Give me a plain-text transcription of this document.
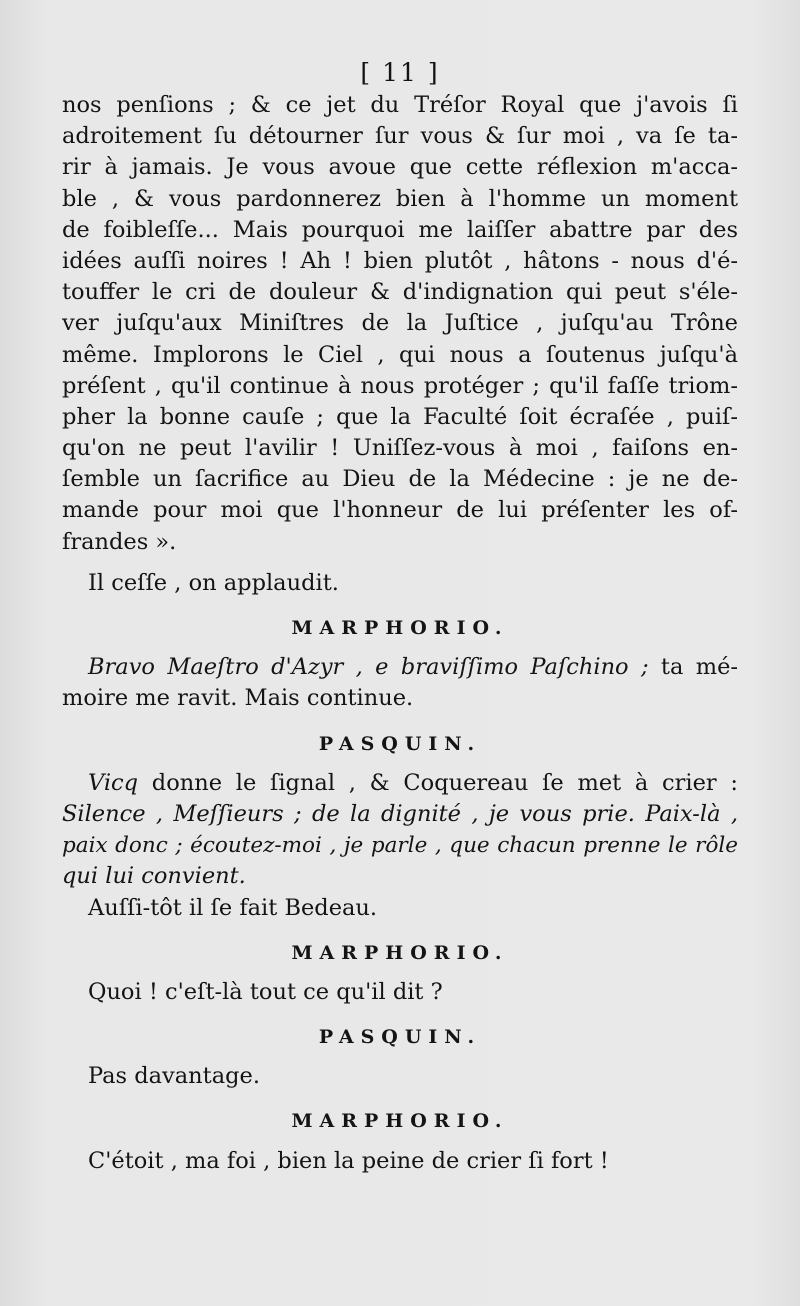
[ 11 ]
nos penſions ; & ce jet du Tréſor Royal que j'avois ſi
adroitement ſu détourner ſur vous & ſur moi , va ſe ta-
rir à jamais. Je vous avoue que cette réflexion m'acca-
ble , & vous pardonnerez bien à l'homme un moment
de foibleſſe... Mais pourquoi me laiſſer abattre par des
idées auſſi noires ! Ah ! bien plutôt , hâtons - nous d'é-
touffer le cri de douleur & d'indignation qui peut s'éle-
ver juſqu'aux Miniſtres de la Juſtice , juſqu'au Trône
même. Implorons le Ciel , qui nous a ſoutenus juſqu'à
préſent , qu'il continue à nous protéger ; qu'il faſſe triom-
pher la bonne cauſe ; que la Faculté ſoit écraſée , puiſ-
qu'on ne peut l'avilir ! Uniſſez-vous à moi , faiſons en-
ſemble un ſacrifice au Dieu de la Médecine : je ne de-
mande pour moi que l'honneur de lui préſenter les of-
frandes ».
Il ceſſe , on applaudit.
MARPHORIO.
Bravo Maeſtro d'Azyr , e braviſſimo Paſchino ; ta mé-
moire me ravit. Mais continue.
PASQUIN.
Vicq donne le ſignal , & Coquereau ſe met à crier :
Silence , Meſſieurs ; de la dignité , je vous prie. Paix-là ,
paix donc ; écoutez-moi , je parle , que chacun prenne le rôle
qui lui convient.
Auſſi-tôt il ſe fait Bedeau.
MARPHORIO.
Quoi ! c'eſt-là tout ce qu'il dit ?
PASQUIN.
Pas davantage.
MARPHORIO.
C'étoit , ma foi , bien la peine de crier ſi fort !
